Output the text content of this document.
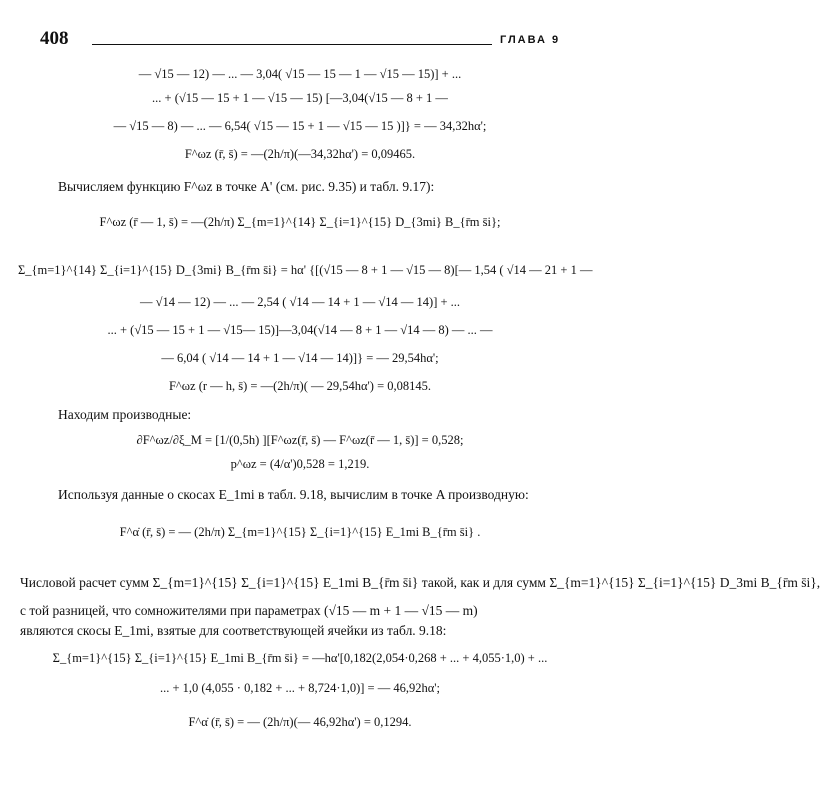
408	ГЛАВА 9
— √15 — 12) — ... — 3,04( √15 — 15 — 1 — √15 — 15)] + ...
... + (√15 — 15 + 1 — √15 — 15) [—3,04(√15 — 8 + 1 —
— √15 — 8) — ... — 6,54( √15 — 15 + 1 — √15 — 15 )]} = — 34,32hα';
F^ωz (r̄, s̄) = —(2h/π)(—34,32hα') = 0,09465.
Вычисляем функцию F^ωz в точке A' (см. рис. 9.35) и табл. 9.17):
F^ωz (r̄ — 1, s̄) = —(2h/π) Σ_{m=1}^{14} Σ_{i=1}^{15} D_{3mi} B_{r̄m s̄i};
Σ_{m=1}^{14} Σ_{i=1}^{15} D_{3mi} B_{r̄m s̄i} = hα' {[(√15 — 8 + 1 — √15 — 8)[— 1,54 ( √14 — 21 + 1 —
— √14 — 12) — ... — 2,54 ( √14 — 14 + 1 — √14 — 14)] + ...
... + (√15 — 15 + 1 — √15— 15)]—3,04(√14 — 8 + 1 — √14 — 8) — ... —
— 6,04 ( √14 — 14 + 1 — √14 — 14)]} = — 29,54hα';
F^ωz (r — h, s̄) = —(2h/π)( — 29,54hα') = 0,08145.
Находим производные:
∂F^ωz/∂ξ_M = [1/(0,5h) ][F^ωz(r̄, s̄) — F^ωz(r̄ — 1, s̄)] = 0,528;
p^ωz = (4/α')0,528 = 1,219.
Используя данные о скосах E_1mi в табл. 9.18, вычислим в точке A производную:
F^α̇ (r̄, s̄) = — (2h/π) Σ_{m=1}^{15} Σ_{i=1}^{15} E_1mi B_{r̄m s̄i} .
Числовой расчет сумм Σ_{m=1}^{15} Σ_{i=1}^{15} E_1mi B_{r̄m s̄i} такой, как и для сумм Σ_{m=1}^{15} Σ_{i=1}^{15} D_3mi B_{r̄m s̄i},
с той разницей, что сомножителями при параметрах (√15 — m + 1 — √15 — m)
являются скосы E_1mi, взятые для соответствующей ячейки из табл. 9.18:
Σ_{m=1}^{15} Σ_{i=1}^{15} E_1mi B_{r̄m s̄i} = —hα'[0,182(2,054·0,268 + ... + 4,055·1,0) + ...
... + 1,0 (4,055 · 0,182 + ... + 8,724·1,0)] = — 46,92hα';
F^α̇ (r̄, s̄) = — (2h/π)(— 46,92hα') = 0,1294.
